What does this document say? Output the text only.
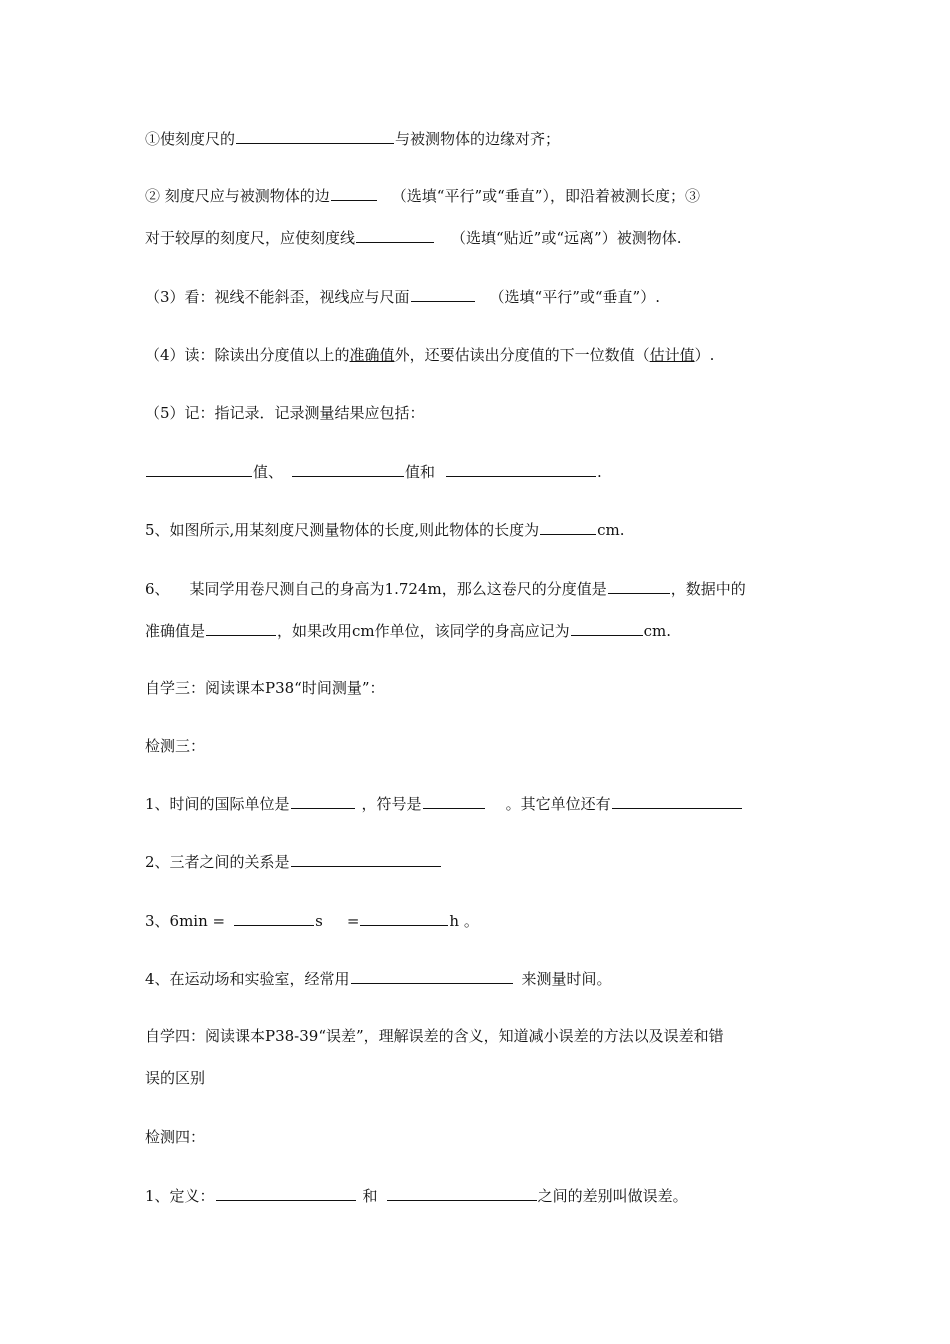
①使刻度尺的	与被测物体的边缘对齐；
② 刻度尺应与被测物体的边	（选填“平行”或“垂直”），即沿着被测长度；③
对于较厚的刻度尺，应使刻度线	（选填“贴近”或“远离”）被测物体.
（3）看：视线不能斜歪，视线应与尺面	（选填“平行”或“垂直”）.
（4）读：除读出分度值以上的准确值外，还要估读出分度值的下一位数值（估计值）.
（5）记：指记录．记录测量结果应包括：
值、	值和	.
5、如图所示,用某刻度尺测量物体的长度,则此物体的长度为	cm.
6、 某同学用卷尺测自己的身高为1.724m，那么这卷尺的分度值是	，数据中的
准确值是	，如果改用cm作单位，该同学的身高应记为	cm.
自学三：阅读课本P38“时间测量”：
检测三：
1、时间的国际单位是	，符号是	。其它单位还有
2、三者之间的关系是
3、6min =	s =	h 。
4、在运动场和实验室，经常用	来测量时间。
自学四：阅读课本P38-39“误差”，理解误差的含义，知道减小误差的方法以及误差和错
误的区别
检测四：
1、定义：	和	之间的差别叫做误差。
